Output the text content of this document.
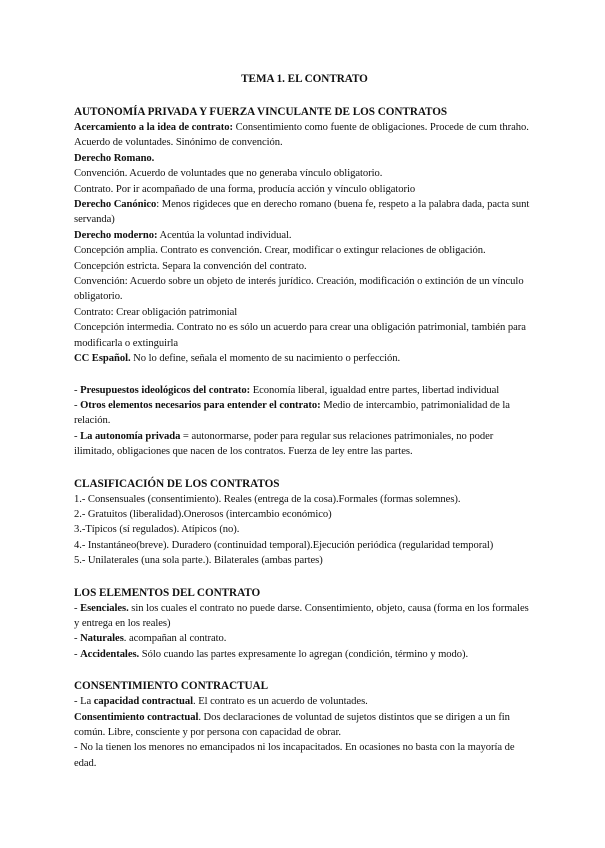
TEMA 1. EL CONTRATO

AUTONOMÍA PRIVADA Y FUERZA VINCULANTE DE LOS CONTRATOS

Acercamiento a la idea de contrato: Consentimiento como fuente de obligaciones. Procede de cum thraho. Acuerdo de voluntades. Sinónimo de convención.

Derecho Romano.

Convención. Acuerdo de voluntades que no generaba vínculo obligatorio.

Contrato. Por ir acompañado de una forma, producía acción y vínculo obligatorio

Derecho Canónico: Menos rigideces que en derecho romano (buena fe, respeto a la palabra dada, pacta sunt servanda)

Derecho moderno: Acentúa la voluntad individual.

Concepción amplia. Contrato es convención. Crear, modificar o extingur relaciones de obligación.

Concepción estricta. Separa la convención del contrato.

Convención: Acuerdo sobre un objeto de interés jurídico. Creación, modificación o extinción de un vínculo obligatorio.

Contrato: Crear obligación patrimonial

Concepción intermedia. Contrato no es sólo un acuerdo para crear una obligación patrimonial, también para modificarla o extinguirla

CC Español. No lo define, señala el momento de su nacimiento o perfección.

- Presupuestos ideológicos del contrato: Economía liberal, igualdad entre partes, libertad individual

- Otros elementos necesarios para entender el contrato: Medio de intercambio, patrimonialidad de la relación.

- La autonomía privada = autonormarse, poder para regular sus relaciones patrimoniales, no poder ilimitado, obligaciones que nacen de los contratos. Fuerza de ley entre las partes.

CLASIFICACIÓN DE LOS CONTRATOS

1.- Consensuales (consentimiento). Reales (entrega de la cosa).Formales (formas solemnes).

2.- Gratuitos (liberalidad).Onerosos (intercambio económico)

3.-Típicos (sí regulados). Atípicos (no).

4.- Instantáneo(breve). Duradero (continuidad temporal).Ejecución periódica (regularidad temporal)

5.- Unilaterales (una sola parte.). Bilaterales (ambas partes)

LOS ELEMENTOS DEL CONTRATO

- Esenciales. sin los cuales el contrato no puede darse. Consentimiento, objeto, causa (forma en los formales y entrega en los reales)

- Naturales. acompañan al contrato.

- Accidentales. Sólo cuando las partes expresamente lo agregan (condición, término y modo).

CONSENTIMIENTO CONTRACTUAL

- La capacidad contractual. El contrato es un acuerdo de voluntades.

Consentimiento contractual. Dos declaraciones de voluntad de sujetos distintos que se dirigen a un fin común. Libre, consciente y por persona con capacidad de obrar.

- No la tienen los menores no emancipados ni los incapacitados. En ocasiones no basta con la mayoría de edad.
